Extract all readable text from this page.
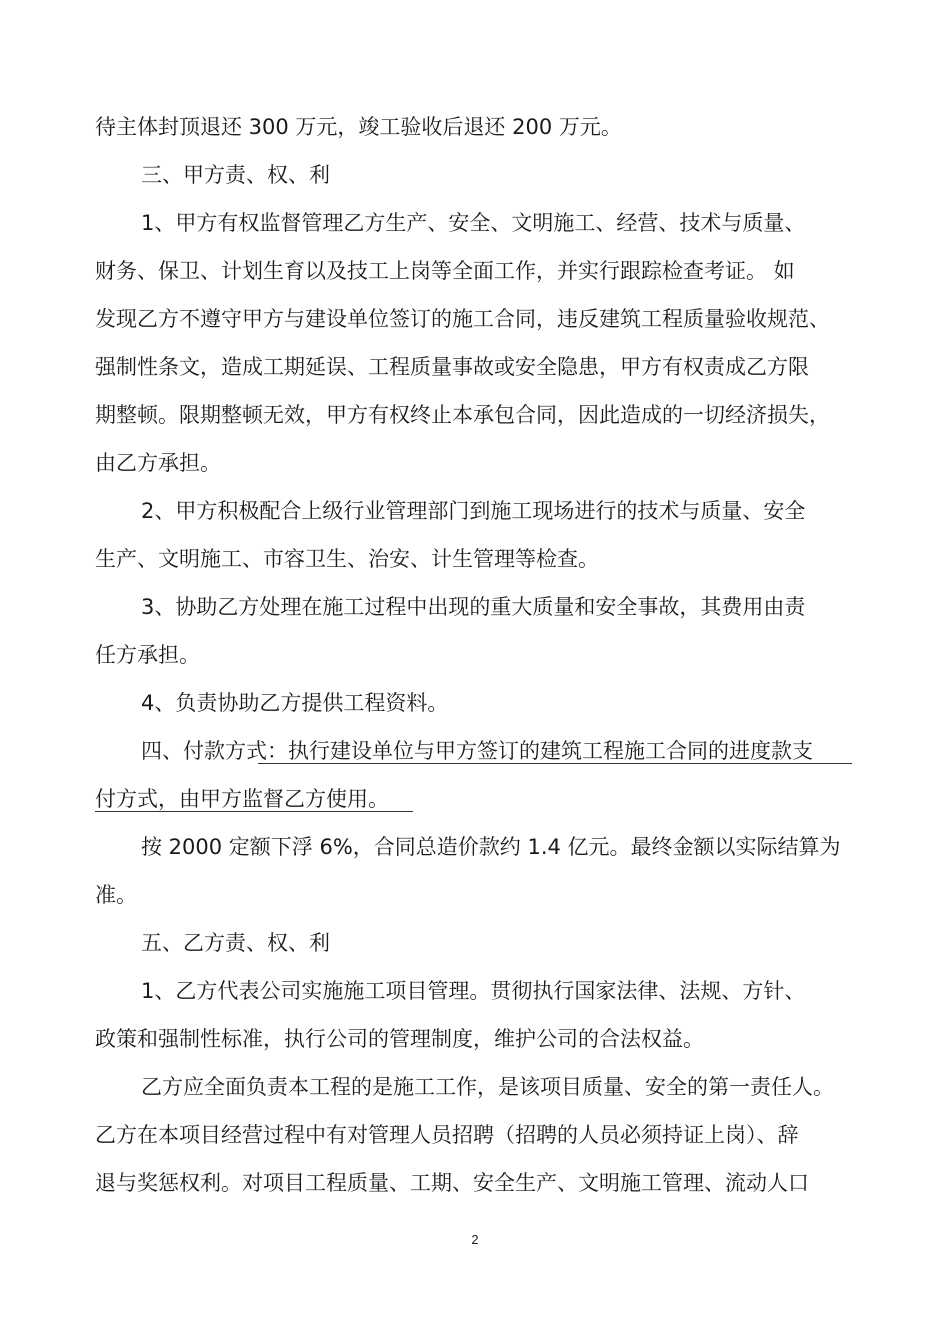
待主体封顶退还 300 万元，竣工验收后退还 200 万元。
三、甲方责、权、利
1、甲方有权监督管理乙方生产、安全、文明施工、经营、技术与质量、
财务、保卫、计划生育以及技工上岗等全面工作，并实行跟踪检查考证。 如
发现乙方不遵守甲方与建设单位签订的施工合同，违反建筑工程质量验收规范、
强制性条文，造成工期延误、工程质量事故或安全隐患，甲方有权责成乙方限
期整顿。限期整顿无效，甲方有权终止本承包合同，因此造成的一切经济损失，
由乙方承担。
2、甲方积极配合上级行业管理部门到施工现场进行的技术与质量、安全
生产、文明施工、市容卫生、治安、计生管理等检查。
3、协助乙方处理在施工过程中出现的重大质量和安全事故，其费用由责
任方承担。
4、负责协助乙方提供工程资料。
四、付款方式：执行建设单位与甲方签订的建筑工程施工合同的进度款支
付方式，由甲方监督乙方使用。
按 2000 定额下浮 6%，合同总造价款约 1.4 亿元。最终金额以实际结算为
准。
五、乙方责、权、利
1、乙方代表公司实施施工项目管理。贯彻执行国家法律、法规、方针、
政策和强制性标准，执行公司的管理制度，维护公司的合法权益。
乙方应全面负责本工程的是施工工作，是该项目质量、安全的第一责任人。
乙方在本项目经营过程中有对管理人员招聘（招聘的人员必须持证上岗）、辞
退与奖惩权利。对项目工程质量、工期、安全生产、文明施工管理、流动人口
2
